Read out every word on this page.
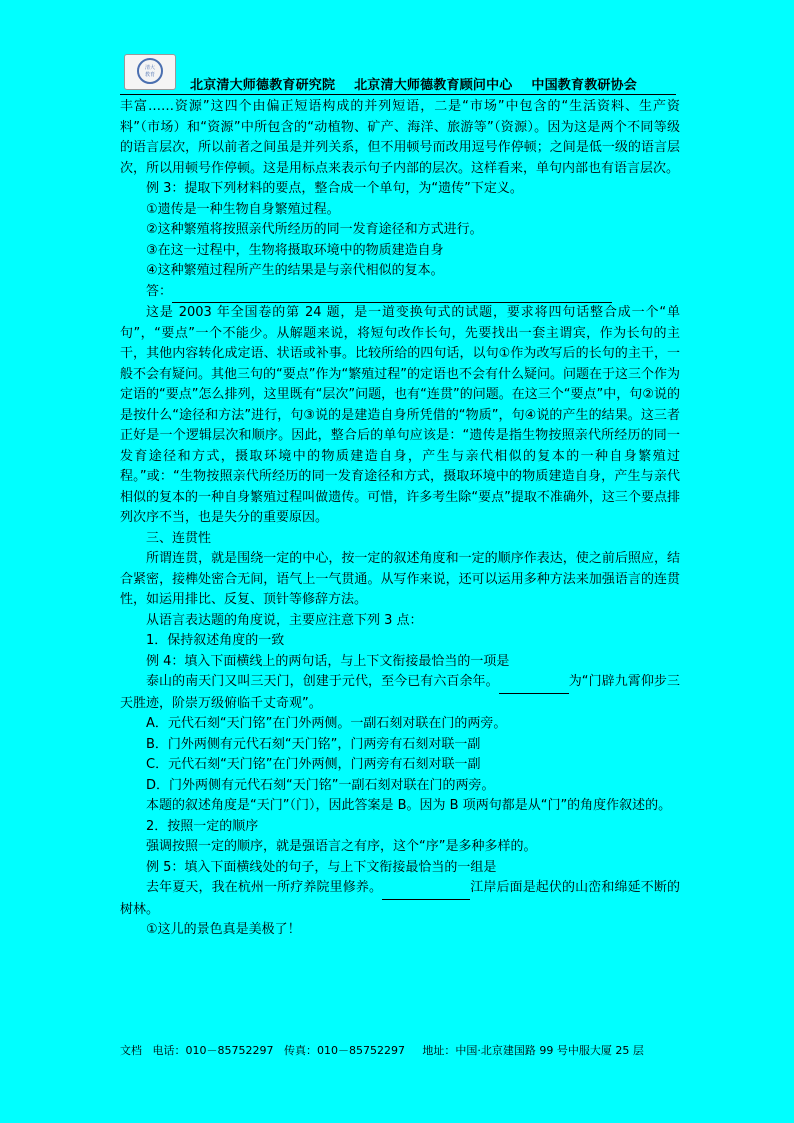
清大
教育
北京清大师德教育研究院    北京清大师德教育顾问中心    中国教育教研协会

丰富……资源”这四个由偏正短语构成的并列短语，二是“市场”中包含的“生活资料、生产资料”（市场）和“资源”中所包含的“动植物、矿产、海洋、旅游等”（资源）。因为这是两个不同等级的语言层次，所以前者之间虽是并列关系，但不用顿号而改用逗号作停顿；之间是低一级的语言层次，所以用顿号作停顿。这是用标点来表示句子内部的层次。这样看来，单句内部也有语言层次。

例 3：提取下列材料的要点，整合成一个单句，为“遗传”下定义。

①遗传是一种生物自身繁殖过程。

②这种繁殖将按照亲代所经历的同一发育途径和方式进行。

③在这一过程中，生物将摄取环境中的物质建造自身

④这种繁殖过程所产生的结果是与亲代相似的复本。

答：

这是 2003 年全国卷的第 24 题，是一道变换句式的试题，要求将四句话整合成一个“单句”，“要点”一个不能少。从解题来说，将短句改作长句，先要找出一套主谓宾，作为长句的主干，其他内容转化成定语、状语或补事。比较所给的四句话，以句①作为改写后的长句的主干，一般不会有疑问。其他三句的“要点”作为“繁殖过程”的定语也不会有什么疑问。问题在于这三个作为定语的“要点”怎么排列，这里既有“层次”问题，也有“连贯”的问题。在这三个“要点”中，句②说的是按什么“途径和方法”进行，句③说的是建造自身所凭借的“物质”，句④说的产生的结果。这三者正好是一个逻辑层次和顺序。因此，整合后的单句应该是：“遗传是指生物按照亲代所经历的同一发育途径和方式，摄取环境中的物质建造自身，产生与亲代相似的复本的一种自身繁殖过程。”或：“生物按照亲代所经历的同一发育途径和方式，摄取环境中的物质建造自身，产生与亲代相似的复本的一种自身繁殖过程叫做遗传。可惜，许多考生除“要点”提取不准确外，这三个要点排列次序不当，也是失分的重要原因。

三、连贯性

所谓连贯，就是围绕一定的中心，按一定的叙述角度和一定的顺序作表达，使之前后照应，结合紧密，接榫处密合无间，语气上一气贯通。从写作来说，还可以运用多种方法来加强语言的连贯性，如运用排比、反复、顶针等修辞方法。

从语言表达题的角度说，主要应注意下列 3 点：

1．保持叙述角度的一致

例 4：填入下面横线上的两句话，与上下文衔接最恰当的一项是

泰山的南天门又叫三天门，创建于元代，至今已有六百余年。	为“门辟九霄仰步三天胜迹，阶崇万级俯临千丈奇观”。

A．元代石刻“天门铭”在门外两侧。一副石刻对联在门的两旁。

B．门外两侧有元代石刻“天门铭”，门两旁有石刻对联一副

C．元代石刻“天门铭”在门外两侧，门两旁有石刻对联一副

D．门外两侧有元代石刻“天门铭”一副石刻对联在门的两旁。

本题的叙述角度是“天门”（门），因此答案是 B。因为 B 项两句都是从“门”的角度作叙述的。

2．按照一定的顺序

强调按照一定的顺序，就是强语言之有序，这个“序”是多种多样的。

例 5：填入下面横线处的句子，与上下文衔接最恰当的一组是

去年夏天，我在杭州一所疗养院里修养。	江岸后面是起伏的山峦和绵延不断的树林。

①这儿的景色真是美极了！

文档   电话：010－85752297   传真：010－85752297     地址：中国·北京建国路 99 号中服大厦 25 层
